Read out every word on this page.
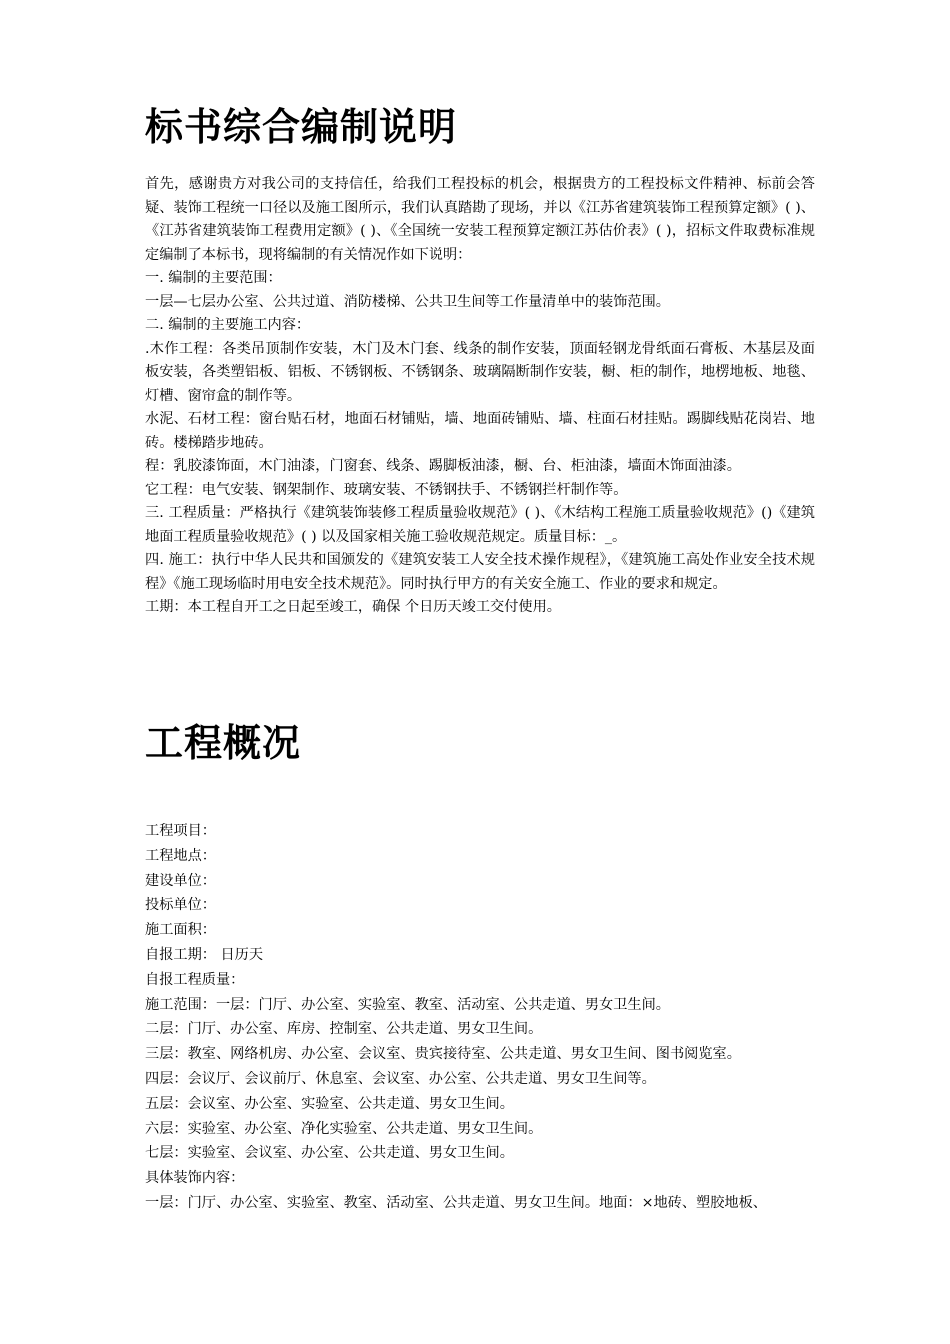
标书综合编制说明

首先，感谢贵方对我公司的支持信任，给我们工程投标的机会，根据贵方的工程投标文件精神、标前会答疑、装饰工程统一口径以及施工图所示，我们认真踏勘了现场，并以《江苏省建筑装饰工程预算定额》( )、《江苏省建筑装饰工程费用定额》( )、《全国统一安装工程预算定额江苏估价表》( )，招标文件取费标准规定编制了本标书，现将编制的有关情况作如下说明：

一. 编制的主要范围：

一层—七层办公室、公共过道、消防楼梯、公共卫生间等工作量清单中的装饰范围。

二. 编制的主要施工内容：

.木作工程：各类吊顶制作安装，木门及木门套、线条的制作安装，顶面轻钢龙骨纸面石膏板、木基层及面板安装，各类塑铝板、铝板、不锈钢板、不锈钢条、玻璃隔断制作安装，橱、柜的制作，地楞地板、地毯、灯槽、窗帘盒的制作等。

水泥、石材工程：窗台贴石材，地面石材铺贴，墙、地面砖铺贴、墙、柱面石材挂贴。踢脚线贴花岗岩、地砖。楼梯踏步地砖。

程：乳胶漆饰面，木门油漆，门窗套、线条、踢脚板油漆，橱、台、柜油漆，墙面木饰面油漆。

它工程：电气安装、钢架制作、玻璃安装、不锈钢扶手、不锈钢拦杆制作等。

三. 工程质量：严格执行《建筑装饰装修工程质量验收规范》( )、《木结构工程施工质量验收规范》()《建筑地面工程质量验收规范》( ) 以及国家相关施工验收规范规定。质量目标：_。

四. 施工：执行中华人民共和国颁发的《建筑安装工人安全技术操作规程》，《建筑施工高处作业安全技术规程》《施工现场临时用电安全技术规范》。同时执行甲方的有关安全施工、作业的要求和规定。

工期：本工程自开工之日起至竣工，确保 个日历天竣工交付使用。

工程概况

工程项目：

工程地点：

建设单位：

投标单位：

施工面积：

自报工期： 日历天

自报工程质量：

施工范围：一层：门厅、办公室、实验室、教室、活动室、公共走道、男女卫生间。

二层：门厅、办公室、库房、控制室、公共走道、男女卫生间。

三层：教室、网络机房、办公室、会议室、贵宾接待室、公共走道、男女卫生间、图书阅览室。

四层：会议厅、会议前厅、休息室、会议室、办公室、公共走道、男女卫生间等。

五层：会议室、办公室、实验室、公共走道、男女卫生间。

六层：实验室、办公室、净化实验室、公共走道、男女卫生间。

七层：实验室、会议室、办公室、公共走道、男女卫生间。

具体装饰内容：

一层：门厅、办公室、实验室、教室、活动室、公共走道、男女卫生间。地面：×地砖、塑胶地板、
